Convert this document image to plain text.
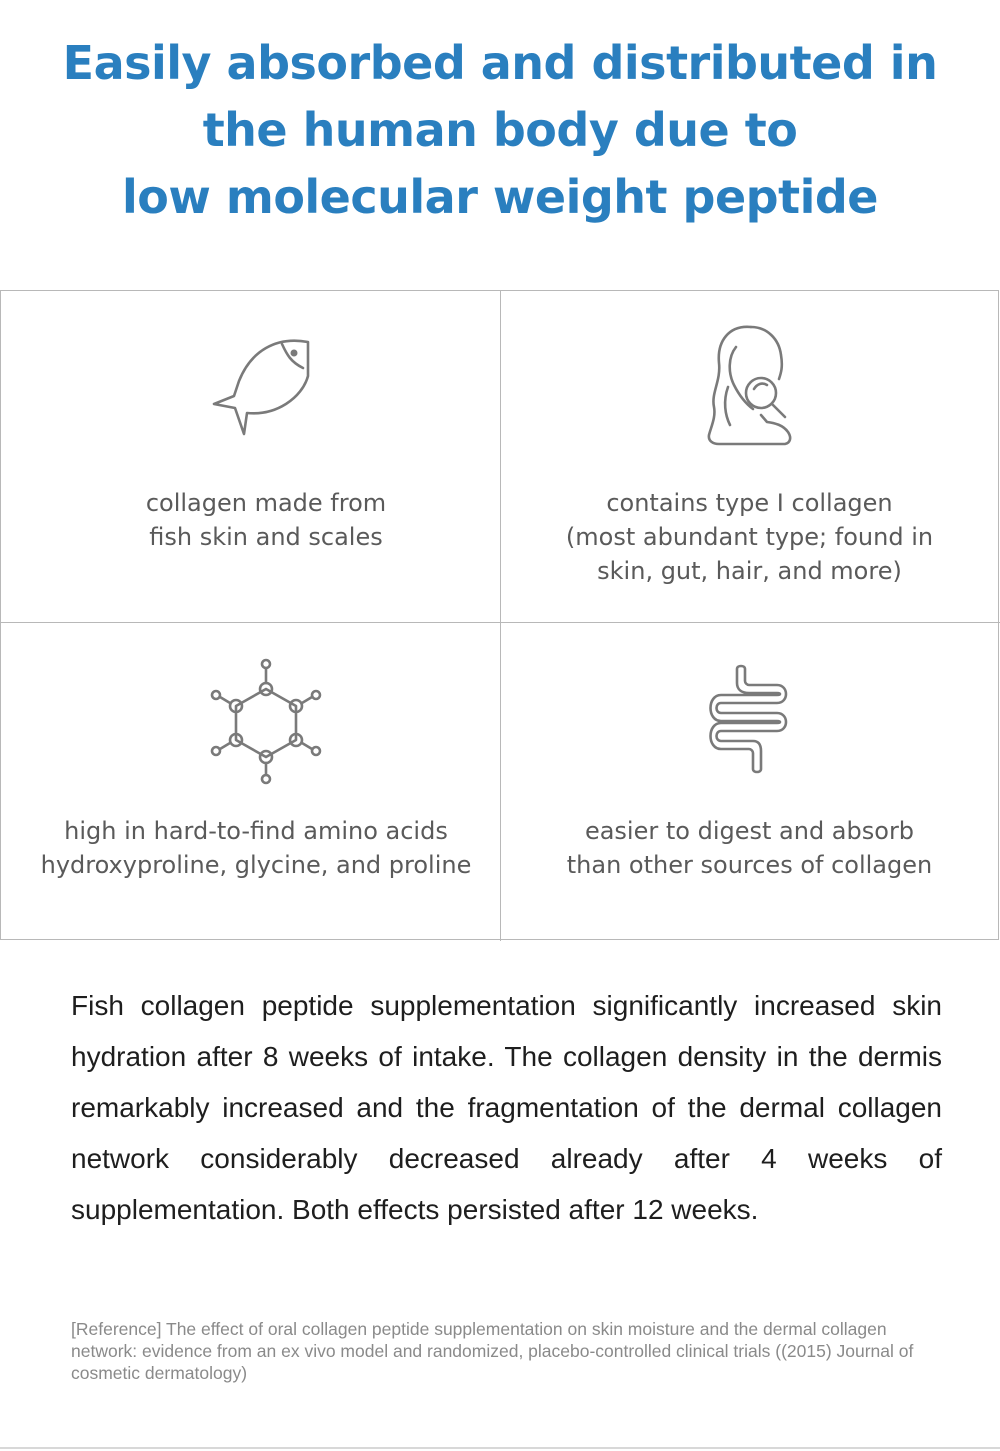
Easily absorbed and distributed in
the human body due to
low molecular weight peptide
collagen made from
fish skin and scales
contains type I collagen
(most abundant type; found in
skin, gut, hair, and more)
high in hard-to-find amino acids
hydroxyproline, glycine, and proline
easier to digest and absorb
than other sources of collagen
Fish collagen peptide supplementation significantly increased skin hydration after 8 weeks of intake. The collagen density in the dermis remarkably increased and the fragmentation of the dermal collagen network considerably decreased already after 4 weeks of supplementation. Both effects persisted after 12 weeks.
[Reference] The effect of oral collagen peptide supplementation on skin moisture and the dermal collagen network: evidence from an ex vivo model and randomized, placebo-controlled clinical trials ((2015) Journal of cosmetic dermatology)
